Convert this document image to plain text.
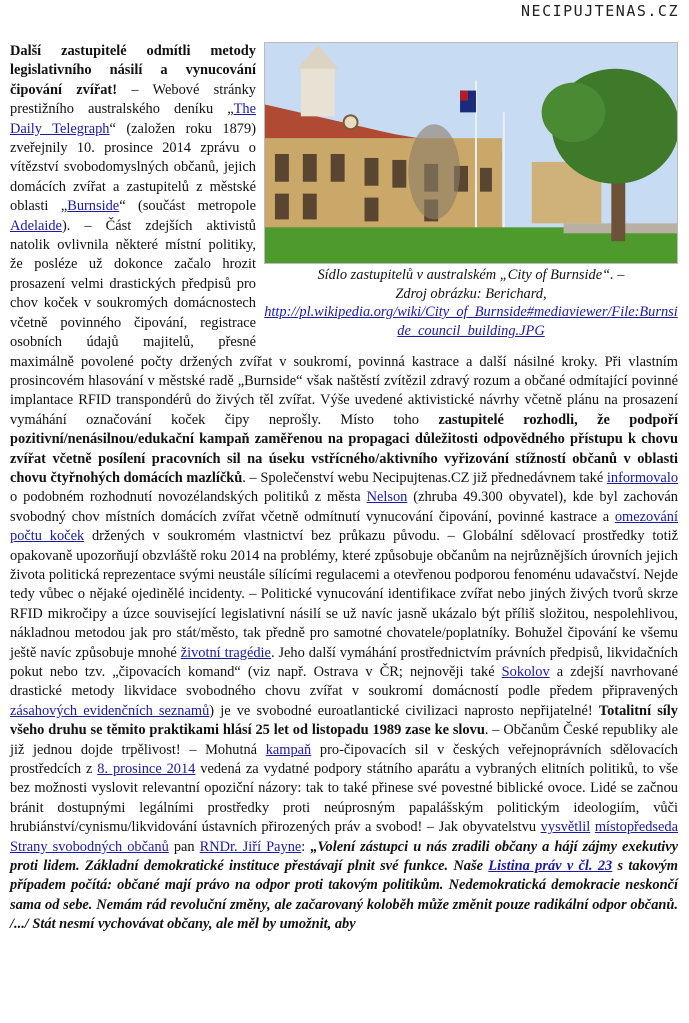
NECIPUJTENAS.CZ
Sídlo zastupitelů v australském „City of Burnside“. –
Zdroj obrázku: Berichard,
http://pl.wikipedia.org/wiki/City_of_Burnside#mediaviewer/File:Burnside_council_building.JPG

Další zastupitelé odmítli metody legislativního násilí a vynucování čipování zvířat! – Webové stránky prestižního australského deníku „The Daily Telegraph“ (založen roku 1879) zveřejnily 10. prosince 2014 zprávu o vítězství svobodomyslných občanů, jejich domácích zvířat a zastupitelů z městské oblasti „Burnside“ (součást metropole Adelaide). – Část zdejších aktivistů natolik ovlivnila některé místní politiky, že posléze už dokonce začalo hrozit prosazení velmi drastických předpisů pro chov koček v soukromých domácnostech včetně povinného čipování, registrace osobních údajů majitelů, přesné maximálně povolené počty držených zvířat v soukromí, povinná kastrace a další násilné kroky. Při vlastním prosincovém hlasování v městské radě „Burnside“ však naštěstí zvítězil zdravý rozum a občané odmítající povinné implantace RFID transpondérů do živých těl zvířat. Výše uvedené aktivistické návrhy včetně plánu na prosazení vymáhání označování koček čipy neprošly. Místo toho zastupitelé rozhodli, že podpoří pozitivní/nenásilnou/edukační kampaň zaměřenou na propagaci důležitosti odpovědného přístupu k chovu zvířat včetně posílení pracovních sil na úseku vstřícného/aktivního vyřizování stížností občanů v oblasti chovu čtyřnohých domácích mazlíčků. – Společenství webu Necipujtenas.CZ již přednedávnem také informovalo o podobném rozhodnutí novozélandských politiků z města Nelson (zhruba 49.300 obyvatel), kde byl zachován svobodný chov místních domácích zvířat včetně odmítnutí vynucování čipování, povinné kastrace a omezování počtu koček držených v soukromém vlastnictví bez průkazu původu. – Globální sdělovací prostředky totiž opakovaně upozorňují obzvláště roku 2014 na problémy, které způsobuje občanům na nejrůznějších úrovních jejich života politická reprezentace svými neustále sílícími regulacemi a otevřenou podporou fenoménu udavačství. Nejde tedy vůbec o nějaké ojedinělé incidenty. – Politické vynucování identifikace zvířat nebo jiných živých tvorů skrze RFID mikročipy a úzce související legislativní násilí se už navíc jasně ukázalo být příliš složitou, nespolehlivou, nákladnou metodou jak pro stát/město, tak předně pro samotné chovatele/poplatníky. Bohužel čipování ke všemu ještě navíc způsobuje mnohé životní tragédie. Jeho další vymáhání prostřednictvím právních předpisů, likvidačních pokut nebo tzv. „čipovacích komand“ (viz např. Ostrava v ČR; nejnověji také Sokolov a zdejší navrhované drastické metody likvidace svobodného chovu zvířat v soukromí domácností podle předem připravených zásahových evidenčních seznamů) je ve svobodné euroatlantické civilizaci naprosto nepřijatelné! Totalitní síly všeho druhu se těmito praktikami hlásí 25 let od listopadu 1989 zase ke slovu. – Občanům České republiky ale již jednou dojde trpělivost! – Mohutná kampaň pro-čipovacích sil v českých veřejnoprávních sdělovacích prostředcích z 8. prosince 2014 vedená za vydatné podpory státního aparátu a vybraných elitních politiků, to vše bez možnosti vyslovit relevantní opoziční názory: tak to také přinese své povestné biblické ovoce. Lidé se začnou bránit dostupnými legálními prostředky proti neúprosným papalášským politickým ideologiím, vůči hrubiánství/cynismu/likvidování ústavních přirozených práv a svobod! – Jak obyvatelstvu vysvětlil místopředseda Strany svobodných občanů pan RNDr. Jiří Payne: „Volení zástupci u nás zradili občany a hájí zájmy exekutivy proti lidem. Základní demokratické instituce přestávají plnit své funkce. Naše Listina práv v čl. 23 s takovým případem počítá: občané mají právo na odpor proti takovým politikům. Nedemokratická demokracie neskončí sama od sebe. Nemám rád revoluční změny, ale začarovaný koloběh může změnit pouze radikální odpor občanů. /.../ Stát nesmí vychovávat občany, ale měl by umožnit, aby
